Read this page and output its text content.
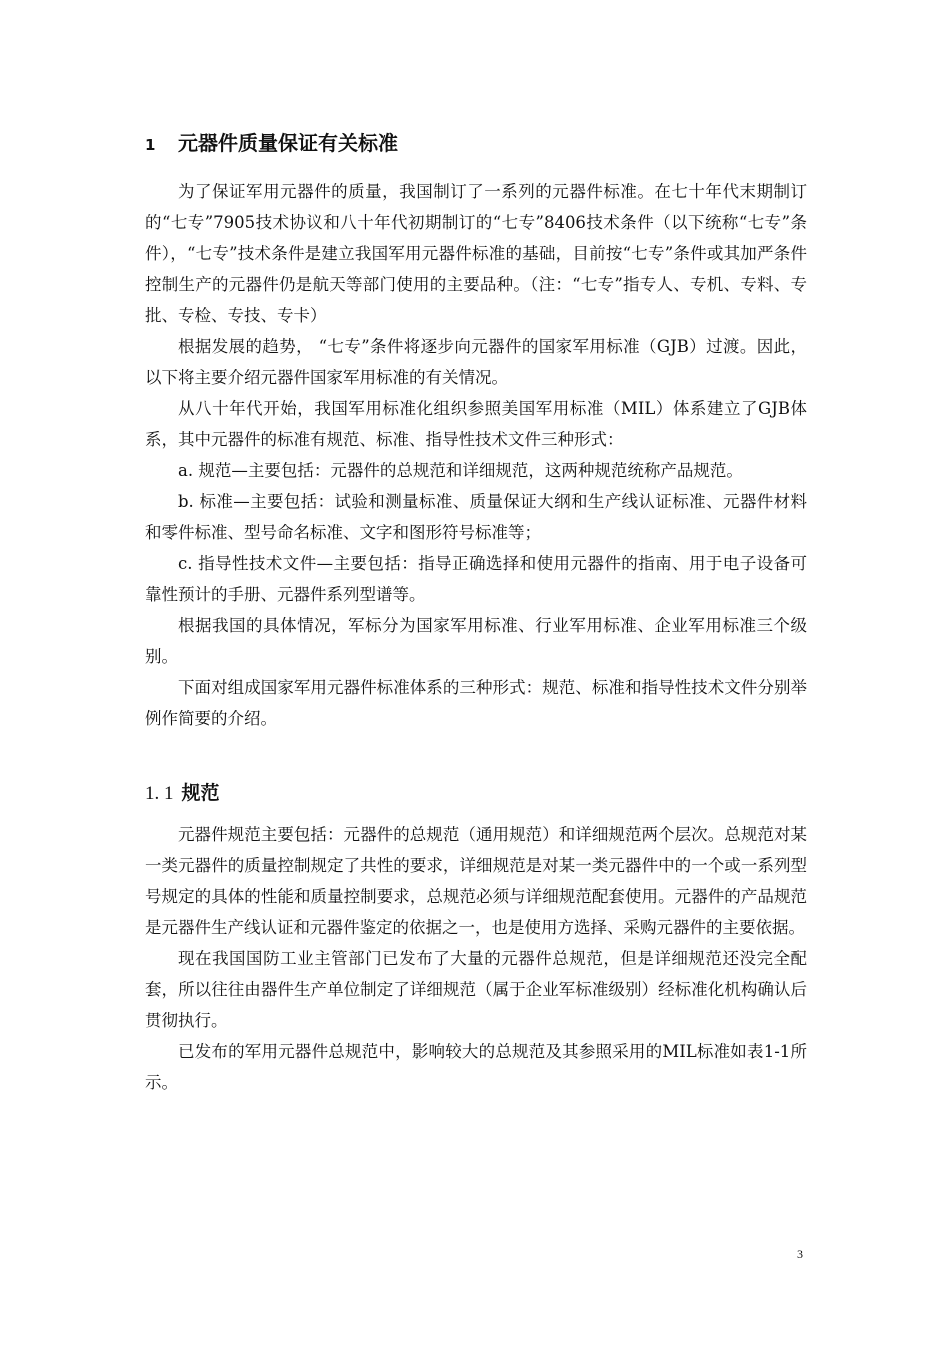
1 元器件质量保证有关标准

为了保证军用元器件的质量，我国制订了一系列的元器件标准。在七十年代末期制订的“七专”7905技术协议和八十年代初期制订的“七专”8406技术条件（以下统称“七专”条件），“七专”技术条件是建立我国军用元器件标准的基础，目前按“七专”条件或其加严条件控制生产的元器件仍是航天等部门使用的主要品种。（注：“七专”指专人、专机、专料、专批、专检、专技、专卡）

根据发展的趋势， “七专”条件将逐步向元器件的国家军用标准（GJB）过渡。因此，以下将主要介绍元器件国家军用标准的有关情况。

从八十年代开始，我国军用标准化组织参照美国军用标准（MIL）体系建立了GJB体系，其中元器件的标准有规范、标准、指导性技术文件三种形式：

a. 规范—主要包括：元器件的总规范和详细规范，这两种规范统称产品规范。

b. 标准—主要包括：试验和测量标准、质量保证大纲和生产线认证标准、元器件材料和零件标准、型号命名标准、文字和图形符号标准等；

c. 指导性技术文件—主要包括：指导正确选择和使用元器件的指南、用于电子设备可靠性预计的手册、元器件系列型谱等。

根据我国的具体情况，军标分为国家军用标准、行业军用标准、企业军用标准三个级别。

下面对组成国家军用元器件标准体系的三种形式：规范、标准和指导性技术文件分别举例作简要的介绍。

1. 1 规范

元器件规范主要包括：元器件的总规范（通用规范）和详细规范两个层次。总规范对某一类元器件的质量控制规定了共性的要求，详细规范是对某一类元器件中的一个或一系列型号规定的具体的性能和质量控制要求，总规范必须与详细规范配套使用。元器件的产品规范是元器件生产线认证和元器件鉴定的依据之一，也是使用方选择、采购元器件的主要依据。

现在我国国防工业主管部门已发布了大量的元器件总规范，但是详细规范还没完全配套，所以往往由器件生产单位制定了详细规范（属于企业军标准级别）经标准化机构确认后贯彻执行。

已发布的军用元器件总规范中，影响较大的总规范及其参照采用的MIL标准如表1-1所示。

3
